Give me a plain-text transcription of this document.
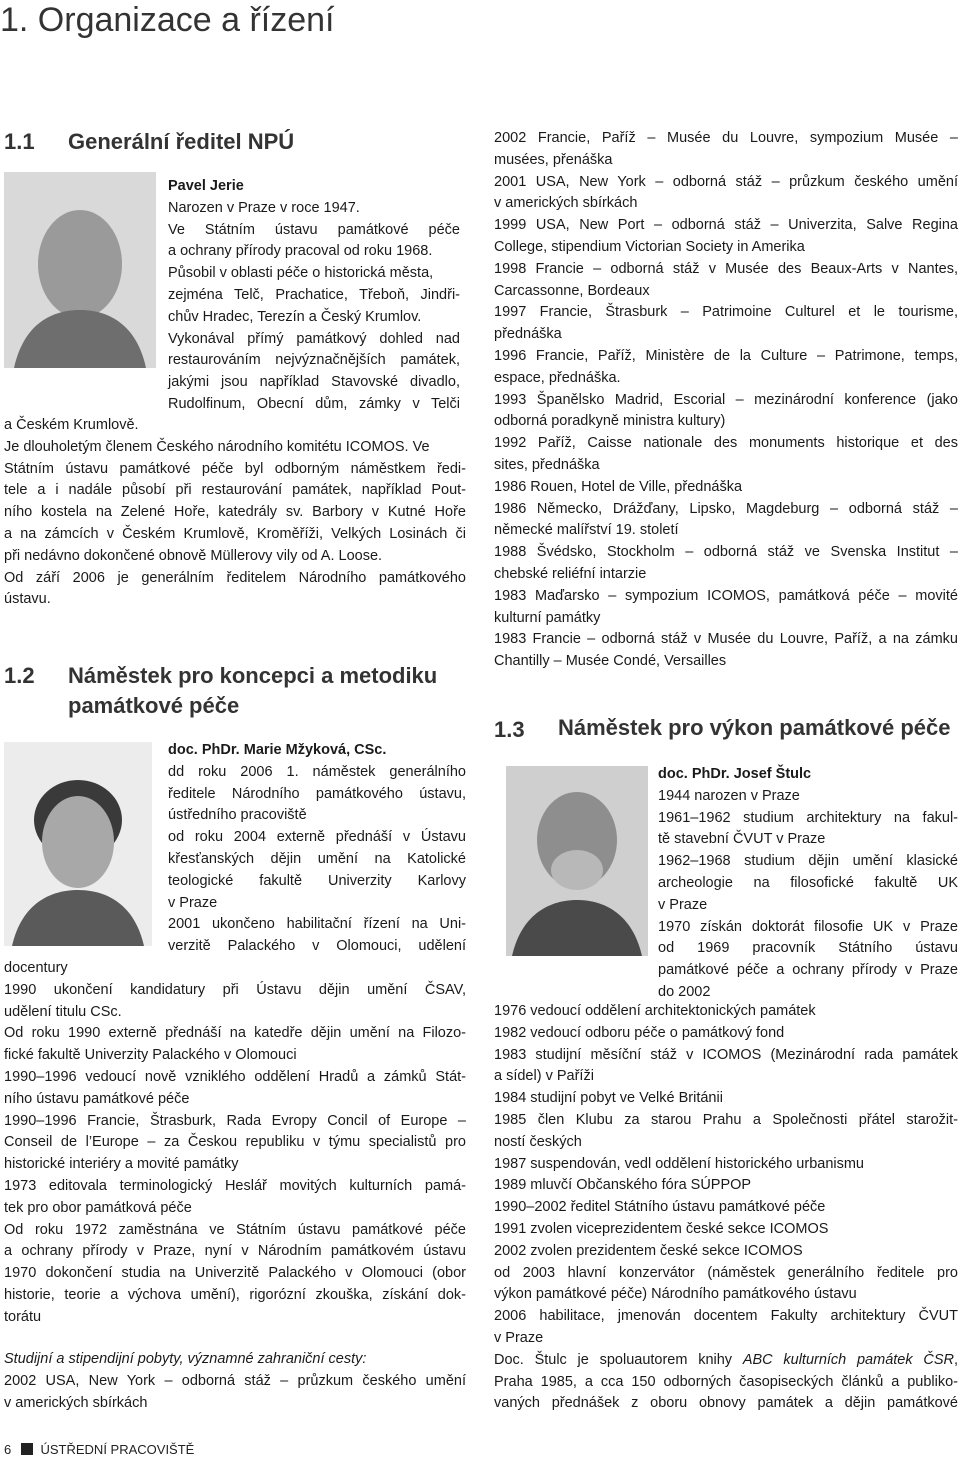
1. Organizace a řízení
1.1 Generální ředitel NPÚ

Pavel Jerie

Narozen v Praze v roce 1947.

Ve Státním ústavu památkové péče

a ochrany přírody pracoval od roku 1968.

Působil v oblasti péče o historická města,

zejména Telč, Prachatice, Třeboň, Jindři-

chův Hradec, Terezín a Český Krumlov.

Vykonával přímý památkový dohled nad

restaurováním nejvýznačnějších památek,

jakými jsou například Stavovské divadlo,

Rudolfinum, Obecní dům, zámky v Telči

a Českém Krumlově.

Je dlouholetým členem Českého národního komitétu ICOMOS. Ve

Státním ústavu památkové péče byl odborným náměstkem ředi-

tele a i nadále působí při restaurování památek, například Pout-

ního kostela na Zelené Hoře, katedrály sv. Barbory v Kutné Hoře

a na zámcích v Českém Krumlově, Kroměříži, Velkých Losinách či

při nedávno dokončené obnově Müllerovy vily od A. Loose.

Od září 2006 je generálním ředitelem Národního památkového

ústavu.

1.2 Náměstek pro koncepci a metodiku
památkové péče

doc. PhDr. Marie Mžyková, CSc.

dd roku 2006 1. náměstek generálního

ředitele Národního památkového ústavu,

ústředního pracoviště

od roku 2004 externě přednáší v Ústavu

křesťanských dějin umění na Katolické

teologické fakultě Univerzity Karlovy

v Praze

2001 ukončeno habilitační řízení na Uni-

verzitě Palackého v Olomouci, udělení

docentury

1990 ukončení kandidatury při Ústavu dějin umění ČSAV,

udělení titulu CSc.

Od roku 1990 externě přednáší na katedře dějin umění na Filozo-

fické fakultě Univerzity Palackého v Olomouci

1990–1996 vedoucí nově vzniklého oddělení Hradů a zámků Stát-

ního ústavu památkové péče

1990–1996 Francie, Štrasburk, Rada Evropy Concil of Europe –

Conseil de l’Europe – za Českou republiku v týmu specialistů pro

historické interiéry a movité památky

1973 editovala terminologický Heslář movitých kulturních pamá-

tek pro obor památková péče

Od roku 1972 zaměstnána ve Státním ústavu památkové péče

a ochrany přírody v Praze, nyní v Národním památkovém ústavu

1970 dokončení studia na Univerzitě Palackého v Olomouci (obor

historie, teorie a výchova umění), rigorózní zkouška, získání dok-

torátu

Studijní a stipendijní pobyty, významné zahraniční cesty:

2002 USA, New York – odborná stáž – průzkum českého umění

v amerických sbírkách

6 ÚSTŘEDNÍ PRACOVIŠTĚ

2002 Francie, Paříž – Musée du Louvre, sympozium Musée –

musées, přenáška

2001 USA, New York – odborná stáž – průzkum českého umění

v amerických sbírkách

1999 USA, New Port – odborná stáž – Univerzita, Salve Regina

College, stipendium Victorian Society in Amerika

1998 Francie – odborná stáž v Musée des Beaux-Arts v Nantes,

Carcassonne, Bordeaux

1997 Francie, Štrasburk – Patrimoine Culturel et le tourisme,

přednáška

1996 Francie, Paříž, Ministère de la Culture – Patrimone, temps,

espace, přednáška.

1993 Španělsko Madrid, Escorial – mezinárodní konference (jako

odborná poradkyně ministra kultury)

1992 Paříž, Caisse nationale des monuments historique et des

sites, přednáška

1986 Rouen, Hotel de Ville, přednáška

1986 Německo, Drážďany, Lipsko, Magdeburg – odborná stáž –

německé malířství 19. století

1988 Švédsko, Stockholm – odborná stáž ve Svenska Institut –

chebské reliéfní intarzie

1983 Maďarsko – sympozium ICOMOS, památková péče – movité

kulturní památky

1983 Francie – odborná stáž v Musée du Louvre, Paříž, a na zámku

Chantilly – Musée Condé, Versailles

1.3 Náměstek pro výkon památkové péče

doc. PhDr. Josef Štulc

1944 narozen v Praze

1961–1962 studium architektury na fakul-

tě stavební ČVUT v Praze

1962–1968 studium dějin umění klasické

archeologie na filosofické fakultě UK

v Praze

1970 získán doktorát filosofie UK v Praze

od 1969 pracovník Státního ústavu

památkové péče a ochrany přírody v Praze

do 2002

1976 vedoucí oddělení architektonických památek

1982 vedoucí odboru péče o památkový fond

1983 studijní měsíční stáž v ICOMOS (Mezinárodní rada památek

a sídel) v Paříži

1984 studijní pobyt ve Velké Británii

1985 člen Klubu za starou Prahu a Společnosti přátel starožit-

ností českých

1987 suspendován, vedl oddělení historického urbanismu

1989 mluvčí Občanského fóra SÚPPOP

1990–2002 ředitel Státního ústavu památkové péče

1991 zvolen viceprezidentem české sekce ICOMOS

2002 zvolen prezidentem české sekce ICOMOS

od 2003 hlavní konzervátor (náměstek generálního ředitele pro

výkon památkové péče) Národního památkového ústavu

2006 habilitace, jmenován docentem Fakulty architektury ČVUT

v Praze

Doc. Štulc je spoluautorem knihy ABC kulturních památek ČSR,

Praha 1985, a cca 150 odborných časopiseckých článků a publiko-

vaných přednášek z oboru obnovy památek a dějin památkové
